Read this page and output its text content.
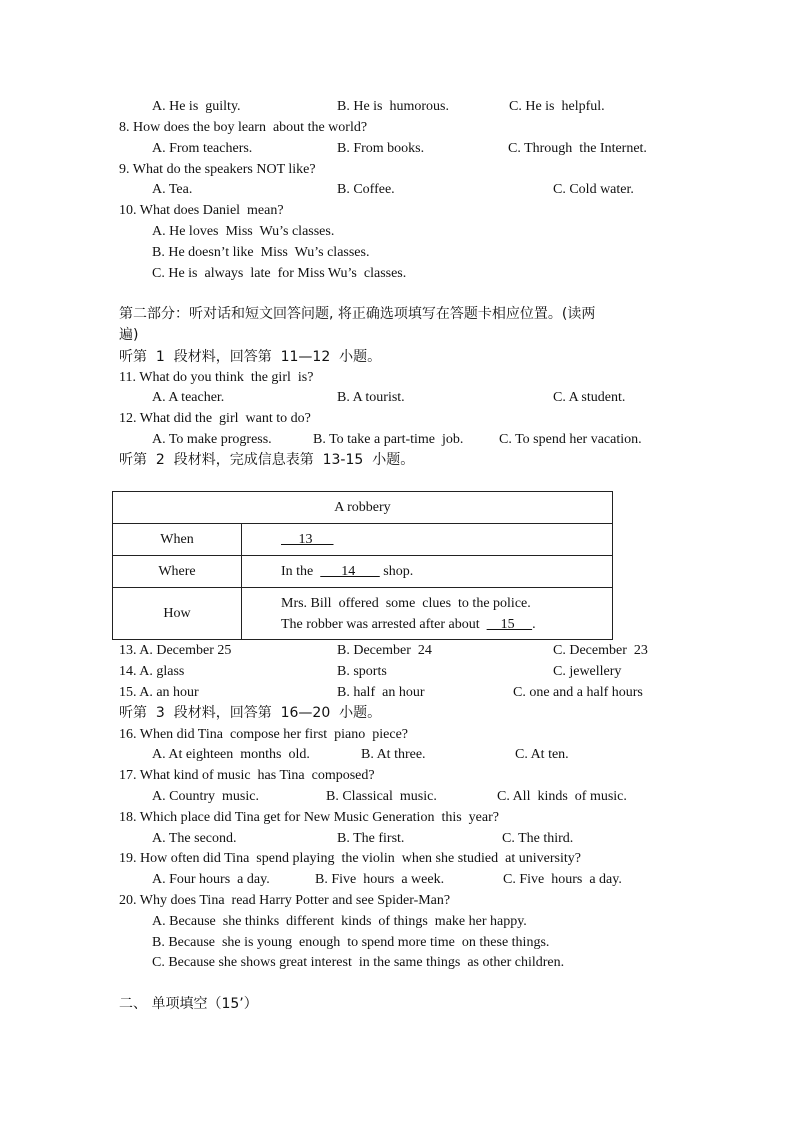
A. He is  guilty.	B. He is  humorous.	C. He is  helpful.
8. How does the boy learn  about the world?
A. From teachers.	B. From books.	C. Through  the Internet.
9. What do the speakers NOT like?
A. Tea.	B. Coffee.	C. Cold water.
10. What does Daniel  mean?
A. He loves  Miss  Wu’s classes.
B. He doesn’t like  Miss  Wu’s classes.
C. He is  always  late  for Miss Wu’s  classes.
第二部分：听对话和短文回答问题, 将正确选项填写在答题卡相应位置。(读两
遍)
听第  1  段材料，回答第  11—12  小题。
11. What do you think  the girl  is?
A. A teacher.	B. A tourist.	C. A student.
12. What did the  girl  want to do?
A. To make progress.	B. To take a part-time  job.	C. To spend her vacation.
听第  2  段材料，完成信息表第  13-15  小题。
A robbery	
When	13
Where	In the        14        shop.
How	Mrs. Bill  offered  some  clues  to the police.
The robber was arrested after about      15     .
13. A. December 25	B. December  24	C. December  23
14. A. glass	B. sports	C. jewellery
15. A. an hour	B. half  an hour	C. one and a half hours
听第  3  段材料，回答第  16—20  小题。
16. When did Tina  compose her first  piano  piece?
A. At eighteen  months  old.	B. At three.	C. At ten.
17. What kind of music  has Tina  composed?
A. Country  music.	B. Classical  music.	C. All  kinds  of music.
18. Which place did Tina get for New Music Generation  this  year?
A. The second.	B. The first.	C. The third.
19. How often did Tina  spend playing  the violin  when she studied  at university?
A. Four hours  a day.	B. Five  hours  a week.	C. Five  hours  a day.
20. Why does Tina  read Harry Potter and see Spider-Man?
A. Because  she thinks  different  kinds  of things  make her happy.
B. Because  she is young  enough  to spend more time  on these things.
C. Because she shows great interest  in the same things  as other children.
二、 单项填空（15’）
